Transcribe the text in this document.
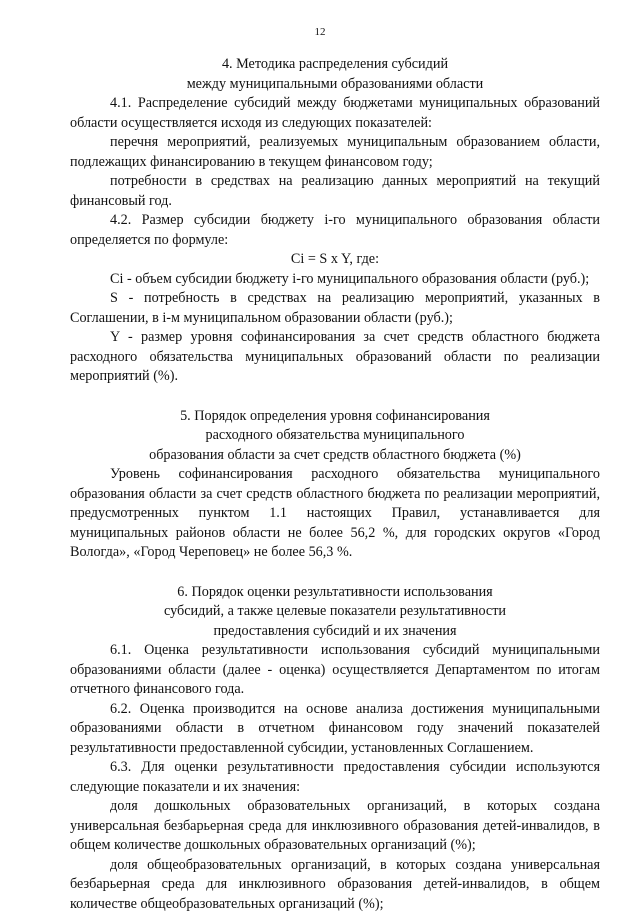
12
4. Методика распределения субсидий
между муниципальными образованиями области

4.1. Распределение субсидий между бюджетами муниципальных образований области осуществляется исходя из следующих показателей:

перечня мероприятий, реализуемых муниципальным образованием области, подлежащих финансированию в текущем финансовом году;

потребности в средствах на реализацию данных мероприятий на текущий финансовый год.

4.2. Размер субсидии бюджету i-го муниципального образования области определяется по формуле:

Ci = S x Y, где:

Ci - объем субсидии бюджету i-го муниципального образования области (руб.);

S - потребность в средствах на реализацию мероприятий, указанных в Соглашении, в i-м муниципальном образовании области (руб.);

Y - размер уровня софинансирования за счет средств областного бюджета расходного обязательства муниципальных образований области по реализации мероприятий (%).

5. Порядок определения уровня софинансирования
расходного обязательства муниципального
образования области за счет средств областного бюджета (%)

Уровень софинансирования расходного обязательства муниципального образования области за счет средств областного бюджета по реализации мероприятий, предусмотренных пунктом 1.1 настоящих Правил, устанавливается для муниципальных районов области не более 56,2 %, для городских округов «Город Вологда», «Город Череповец» не более 56,3 %.

6. Порядок оценки результативности использования
субсидий, а также целевые показатели результативности
предоставления субсидий и их значения

6.1. Оценка результативности использования субсидий муниципальными образованиями области (далее - оценка) осуществляется Департаментом по итогам отчетного финансового года.

6.2. Оценка производится на основе анализа достижения муниципальными образованиями области в отчетном финансовом году значений показателей результативности предоставленной субсидии, установленных Соглашением.

6.3. Для оценки результативности предоставления субсидии используются следующие показатели и их значения:

доля дошкольных образовательных организаций, в которых создана универсальная безбарьерная среда для инклюзивного образования детей-инвалидов, в общем количестве дошкольных образовательных организаций (%);

доля общеобразовательных организаций, в которых создана универсальная безбарьерная среда для инклюзивного образования детей-инвалидов, в общем количестве общеобразовательных организаций (%);
